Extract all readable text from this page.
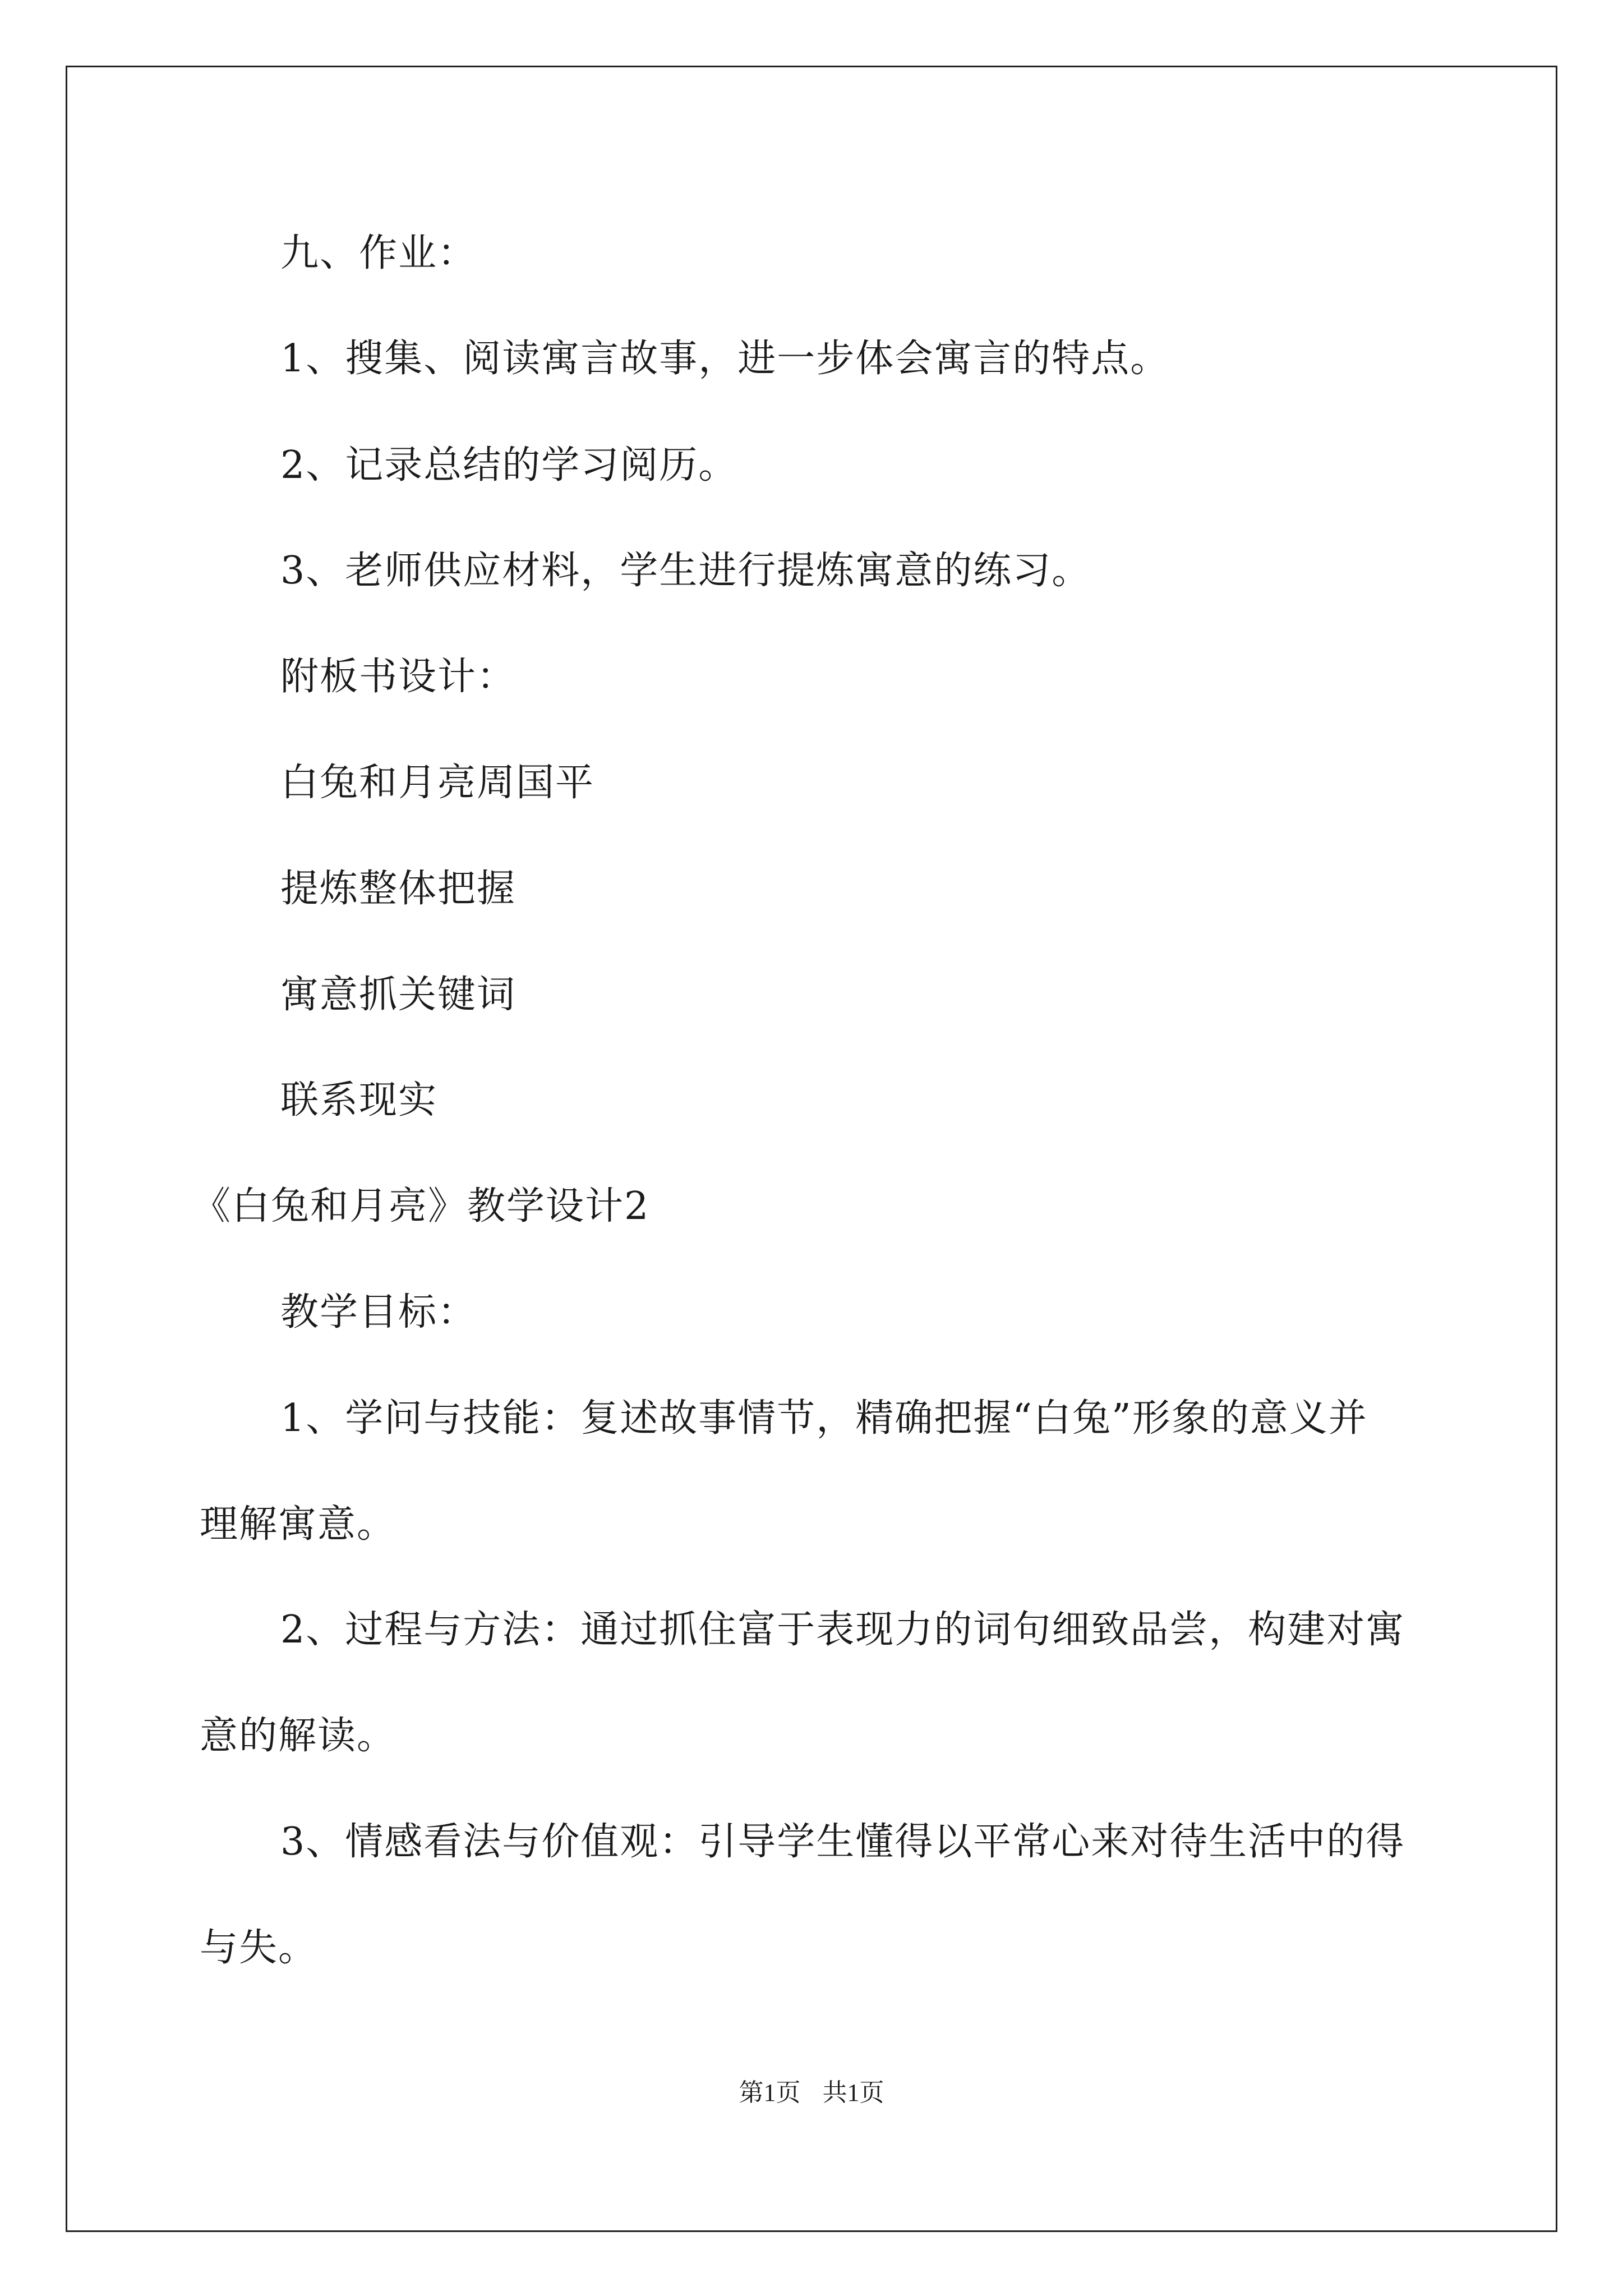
九、作业：
1、搜集、阅读寓言故事，进一步体会寓言的特点。
2、记录总结的学习阅历。
3、老师供应材料，学生进行提炼寓意的练习。
附板书设计：
白兔和月亮周国平
提炼整体把握
寓意抓关键词
联系现实
《白兔和月亮》教学设计2
教学目标：
1、学问与技能：复述故事情节，精确把握“白兔”形象的意义并
理解寓意。
2、过程与方法：通过抓住富于表现力的词句细致品尝，构建对寓
意的解读。
3、情感看法与价值观：引导学生懂得以平常心来对待生活中的得
与失。
第1页 共1页
